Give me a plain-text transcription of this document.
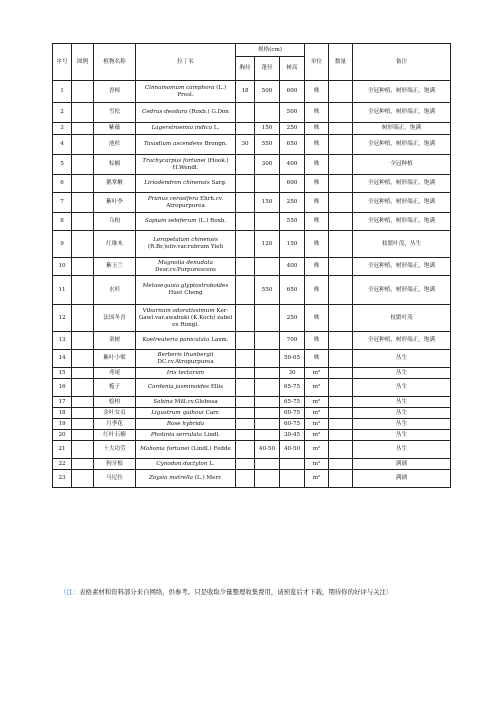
序号	图例	植物名称	拉丁名	规格(cm)			单位	数量	备注
				胸径	蓬径	树高			
1		香樟	Cinnamomum camphora (L.) Presl.	18	500	600	株		全冠种植，树形端正，饱满
2		雪松	Cedrus deodara (Roxb.) G.Don			500	株		全冠种植，树形端正，饱满
3		紫薇	Lagerstroemia indica L.		150	250	株		树形端正，饱满
4		池杉	Taxodium ascendens Brongn.	30	550	650	株		全冠种植，树形端正，饱满
5		棕榈	Trachycarpus fortunei (Hook.) H.Wendl.		300	400	株		全冠种植
6		鹅掌楸	Liriodendron chinensis Sarg.			600	株		全冠种植，树形端正，饱满
7		紫叶李	Prunus cerasifera Ehrh.cv. Atropurpurea		150	250	株		全冠种植，树形端正，饱满
8		乌桕	Sapium sebiferum (L.) Roxb.			550	株		全冠种植，树形端正，饱满
9		红继木	Loropetalum chinensis (R.Br.)oliv.var.rubrum Yieh		120	150	株		枝繁叶茂，丛生
10		紫玉兰	Magnolia denudata Desr.cv.Purpurescens			400	株		全冠种植，树形端正，饱满
11		水杉	Metasequoia glyptostroboides Huet Cheng		550	650	株		全冠种植，树形端正，饱满
12		法国冬青	Viburnum odoratissimum Ker-Gawl.var.awabuki (K.Koch) zabel ex Rungl.			250	株		枝繁叶茂
13		栾树	Koelreuteria paniculata Laxm.			700	株		全冠种植，树形端正，饱满
14		紫叶小檗	Berberis thunbergii DC.cv.Atropurpurea			50-65	株		丛生
15		鸢尾	Iris tectorum			30	m²		丛生
16		栀子	Cardenia jasminoides Ellis			65-75	m²		丛生
17		桧柏	Sabina Mill.cv.Globosa			65-75	m²		丛生
18		金叶女贞	Ligustrum quihoui Carr.			60-75	m²		丛生
19		月季花	Rose hybrida			60-75	m²		丛生
20		红叶石楠	Photinia serrulata Lindl.			30-45	m²		丛生
21		十大功劳	Mahonia fortunei (Lindl.) Fedde		40-50	40-50	m²		丛生
22		狗牙根	Cynodon dactylon L.				m²		满铺
23		马尼拉	Zoysia matrella (L.) Merr.				m²		满铺
（注：表格素材和资料部分来自网络，供参考。只是收取少量整理收集费用，请预览后才下载，期待你的好评与关注）
